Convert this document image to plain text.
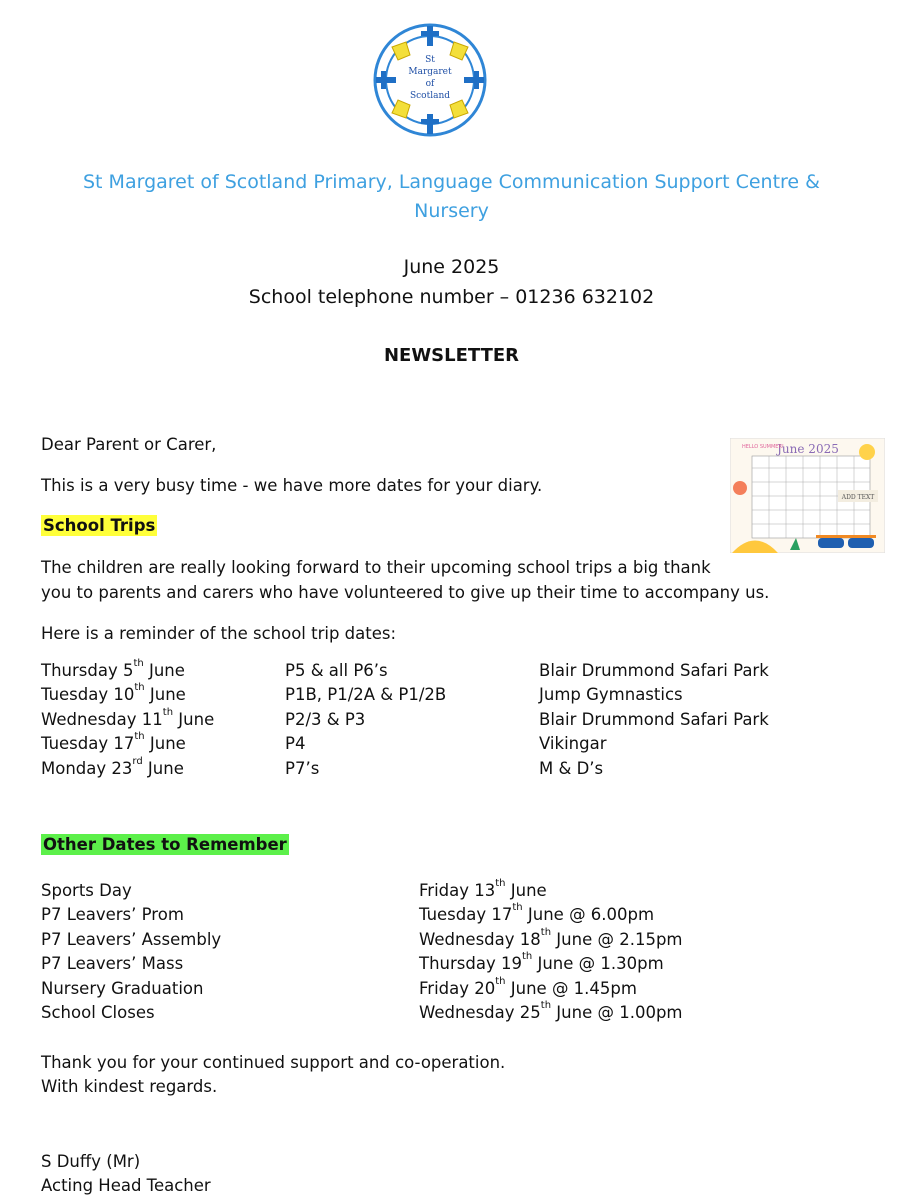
St
Margaret
of
Scotland
St Margaret of Scotland Primary, Language Communication Support Centre & Nursery
June 2025
School telephone number – 01236 632102
NEWSLETTER
June 2025
HELLO SUMMER!
ADD TEXT
Dear Parent or Carer,
This is a very busy time - we have more dates for your diary.
School Trips
The children are really looking forward to their upcoming school trips a big thank
you to parents and carers who have volunteered to give up their time to accompany us.
Here is a reminder of the school trip dates:
Thursday 5th June	P5 & all P6’s	Blair Drummond Safari Park
Tuesday 10th June	P1B, P1/2A & P1/2B	Jump Gymnastics
Wednesday 11th June	P2/3 & P3	Blair Drummond Safari Park
Tuesday 17th June	P4	Vikingar
Monday 23rd June	P7’s	M & D’s
Other Dates to Remember
Sports Day	Friday 13th June
P7 Leavers’ Prom	Tuesday 17th June @ 6.00pm
P7 Leavers’ Assembly	Wednesday 18th June @ 2.15pm
P7 Leavers’ Mass	Thursday 19th June @ 1.30pm
Nursery Graduation	Friday 20th June @ 1.45pm
School Closes	Wednesday 25th June @ 1.00pm
Thank you for your continued support and co-operation.
With kindest regards.
S Duffy (Mr)
Acting Head Teacher
